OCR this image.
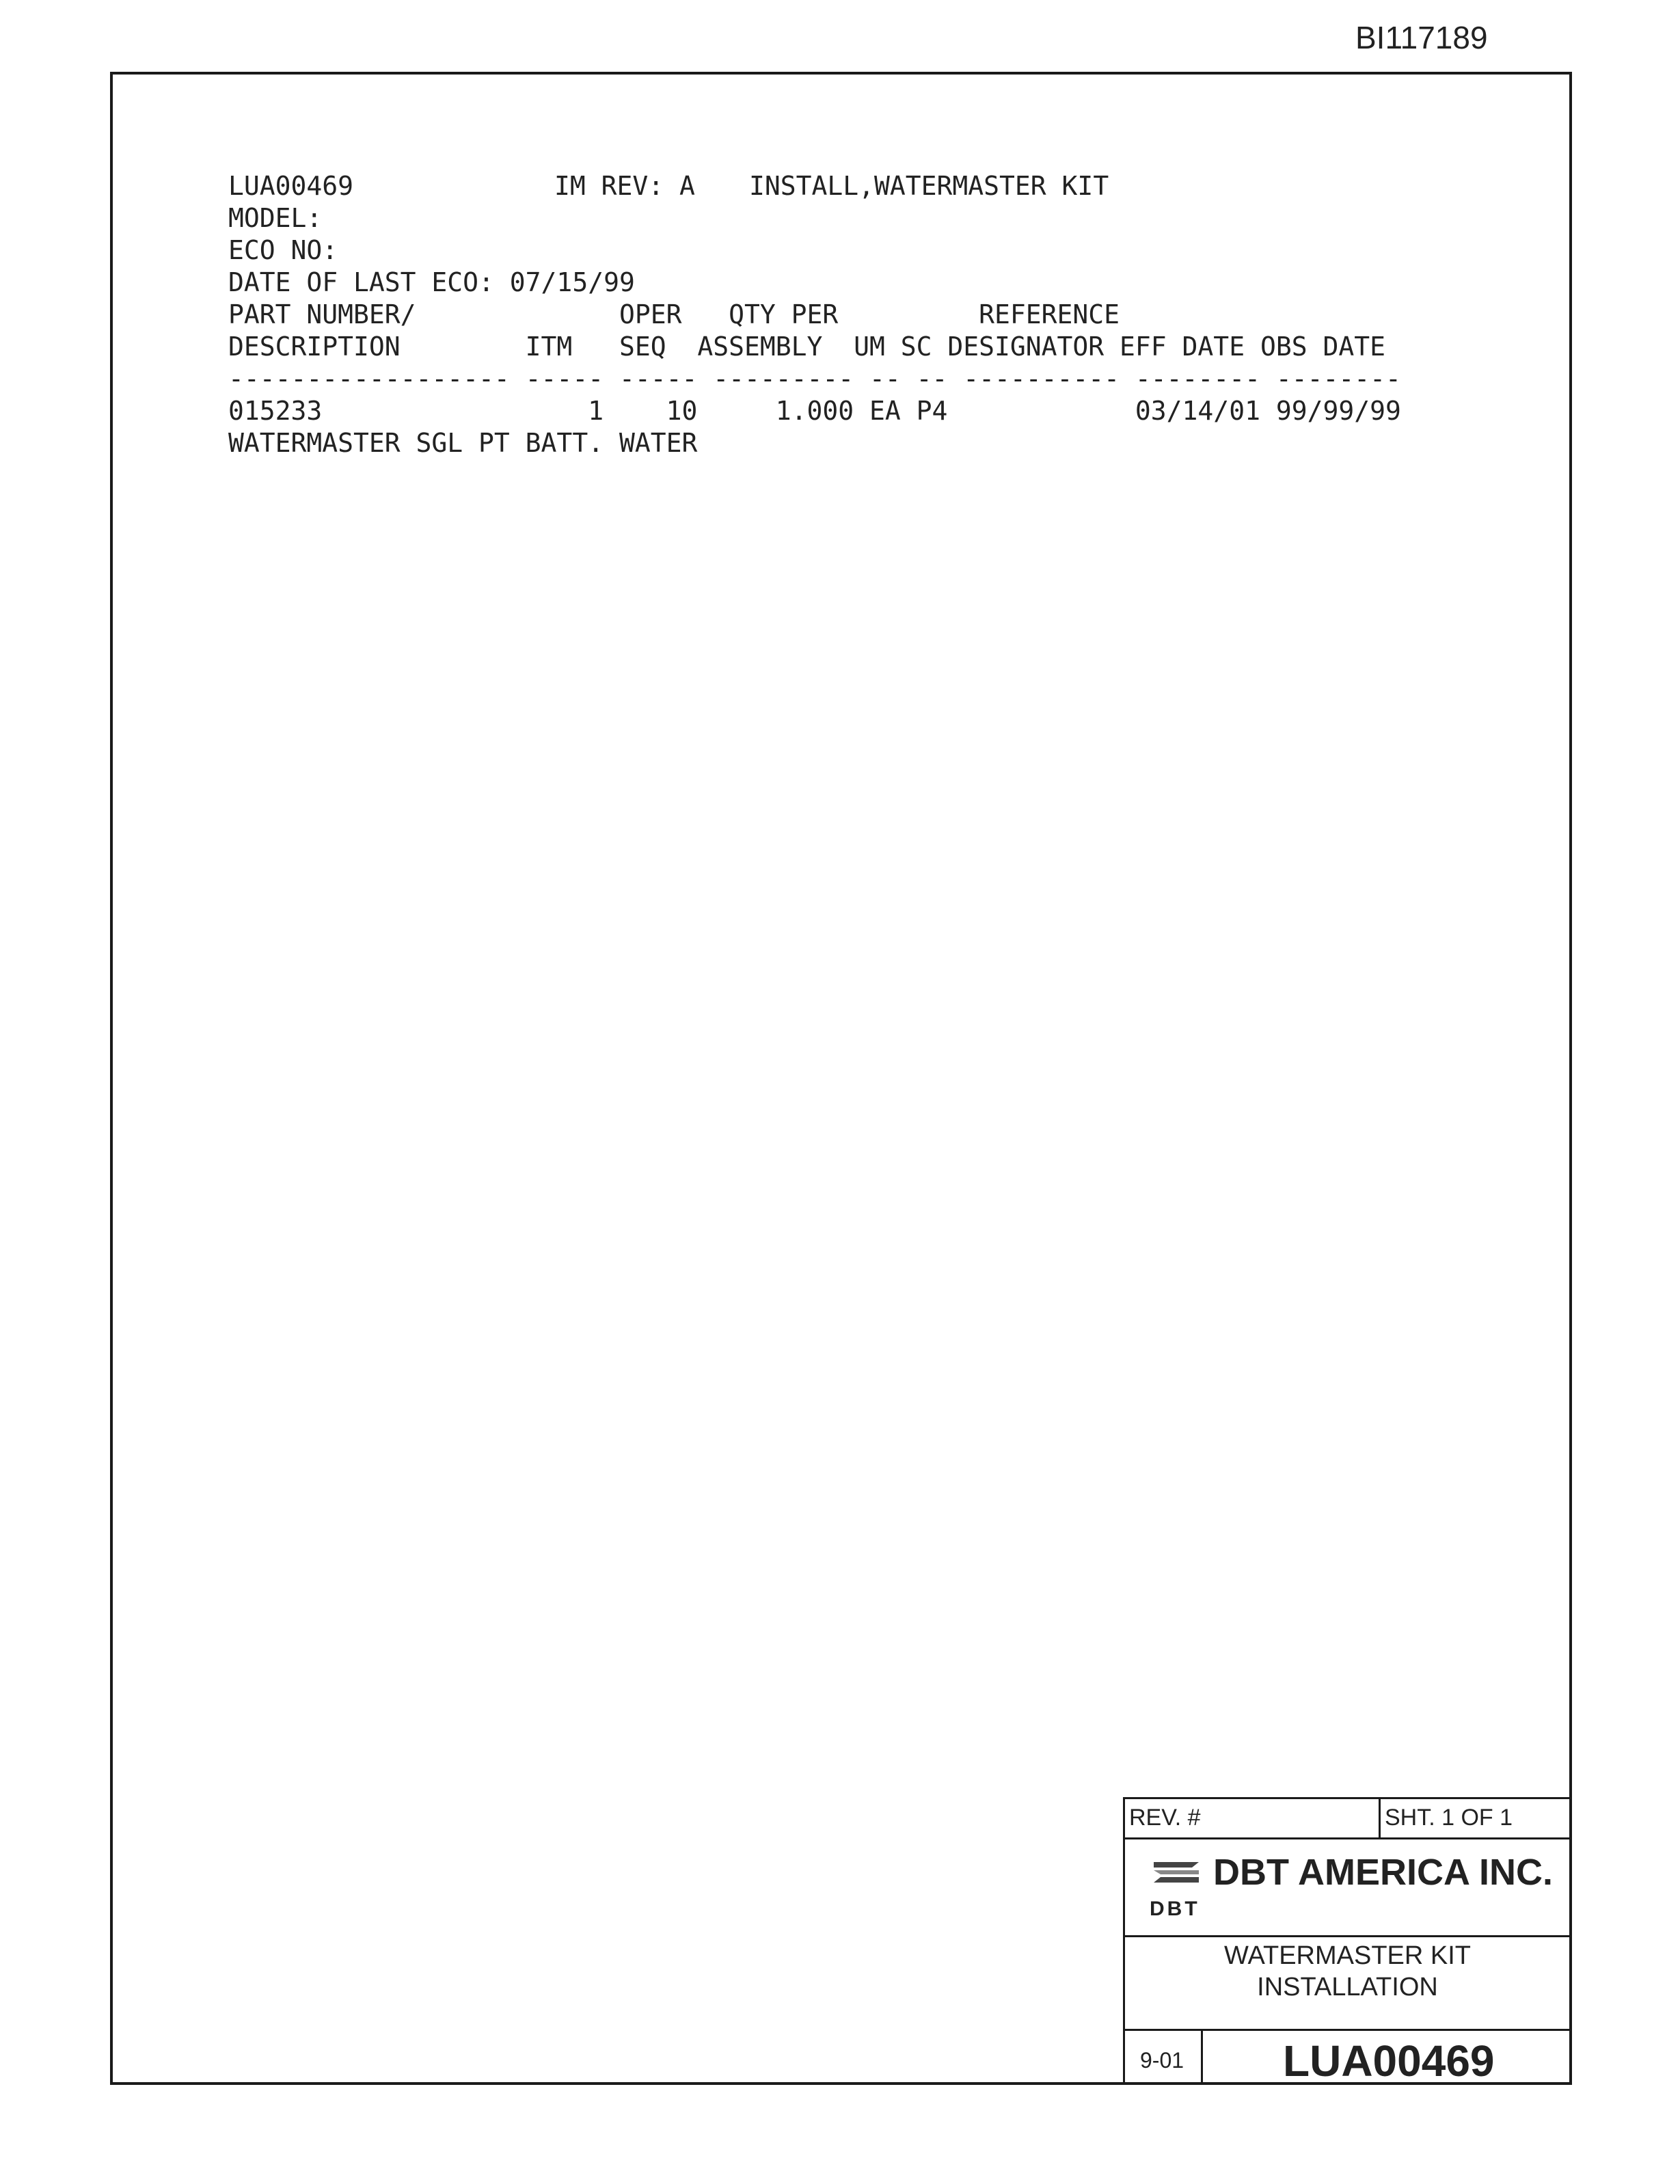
BI117189
LUA00469	IM REV: A INSTALL,WATERMASTER KIT
MODEL:
ECO NO:
DATE OF LAST ECO: 07/15/99
PART NUMBER/             OPER   QTY PER         REFERENCE
DESCRIPTION        ITM   SEQ  ASSEMBLY  UM SC DESIGNATOR EFF DATE OBS DATE
------------------ ----- ----- --------- -- -- ---------- -------- --------
015233                 1    10     1.000 EA P4            03/14/01 99/99/99
WATERMASTER SGL PT BATT. WATER
REV. #	SHT. 1 OF 1
DBT AMERICA INC.
DBT
WATERMASTER KIT
INSTALLATION
9-01 LUA00469
